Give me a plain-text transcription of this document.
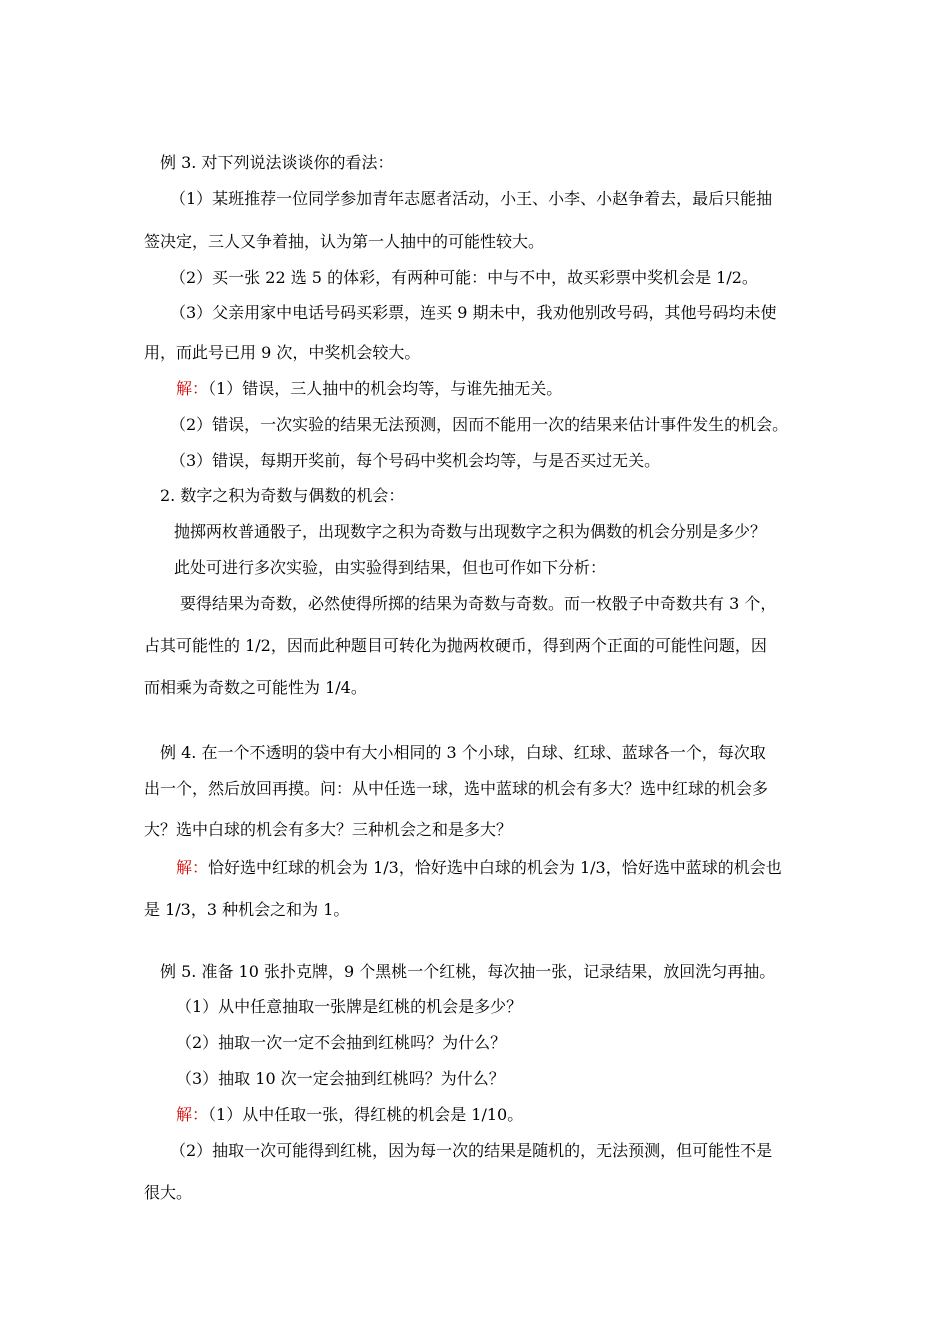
例 3. 对下列说法谈谈你的看法：
（1）某班推荐一位同学参加青年志愿者活动，小王、小李、小赵争着去，最后只能抽
签决定，三人又争着抽，认为第一人抽中的可能性较大。
（2）买一张 22 选 5 的体彩，有两种可能：中与不中，故买彩票中奖机会是 1/2。
（3）父亲用家中电话号码买彩票，连买 9 期未中，我劝他别改号码，其他号码均未使
用，而此号已用 9 次，中奖机会较大。
解：（1）错误，三人抽中的机会均等，与谁先抽无关。
（2）错误，一次实验的结果无法预测，因而不能用一次的结果来估计事件发生的机会。
（3）错误，每期开奖前，每个号码中奖机会均等，与是否买过无关。
2. 数字之积为奇数与偶数的机会：
抛掷两枚普通骰子，出现数字之积为奇数与出现数字之积为偶数的机会分别是多少？
此处可进行多次实验，由实验得到结果，但也可作如下分析：
要得结果为奇数，必然使得所掷的结果为奇数与奇数。而一枚骰子中奇数共有 3 个，
占其可能性的 1/2，因而此种题目可转化为抛两枚硬币，得到两个正面的可能性问题，因
而相乘为奇数之可能性为 1/4。
例 4. 在一个不透明的袋中有大小相同的 3 个小球，白球、红球、蓝球各一个，每次取
出一个，然后放回再摸。问：从中任选一球，选中蓝球的机会有多大？选中红球的机会多
大？选中白球的机会有多大？三种机会之和是多大？
解：恰好选中红球的机会为 1/3，恰好选中白球的机会为 1/3，恰好选中蓝球的机会也
是 1/3，3 种机会之和为 1。
例 5. 准备 10 张扑克牌，9 个黑桃一个红桃，每次抽一张，记录结果，放回洗匀再抽。
（1）从中任意抽取一张牌是红桃的机会是多少？
（2）抽取一次一定不会抽到红桃吗？为什么？
（3）抽取 10 次一定会抽到红桃吗？为什么？
解：（1）从中任取一张，得红桃的机会是 1/10。
（2）抽取一次可能得到红桃，因为每一次的结果是随机的，无法预测，但可能性不是
很大。
